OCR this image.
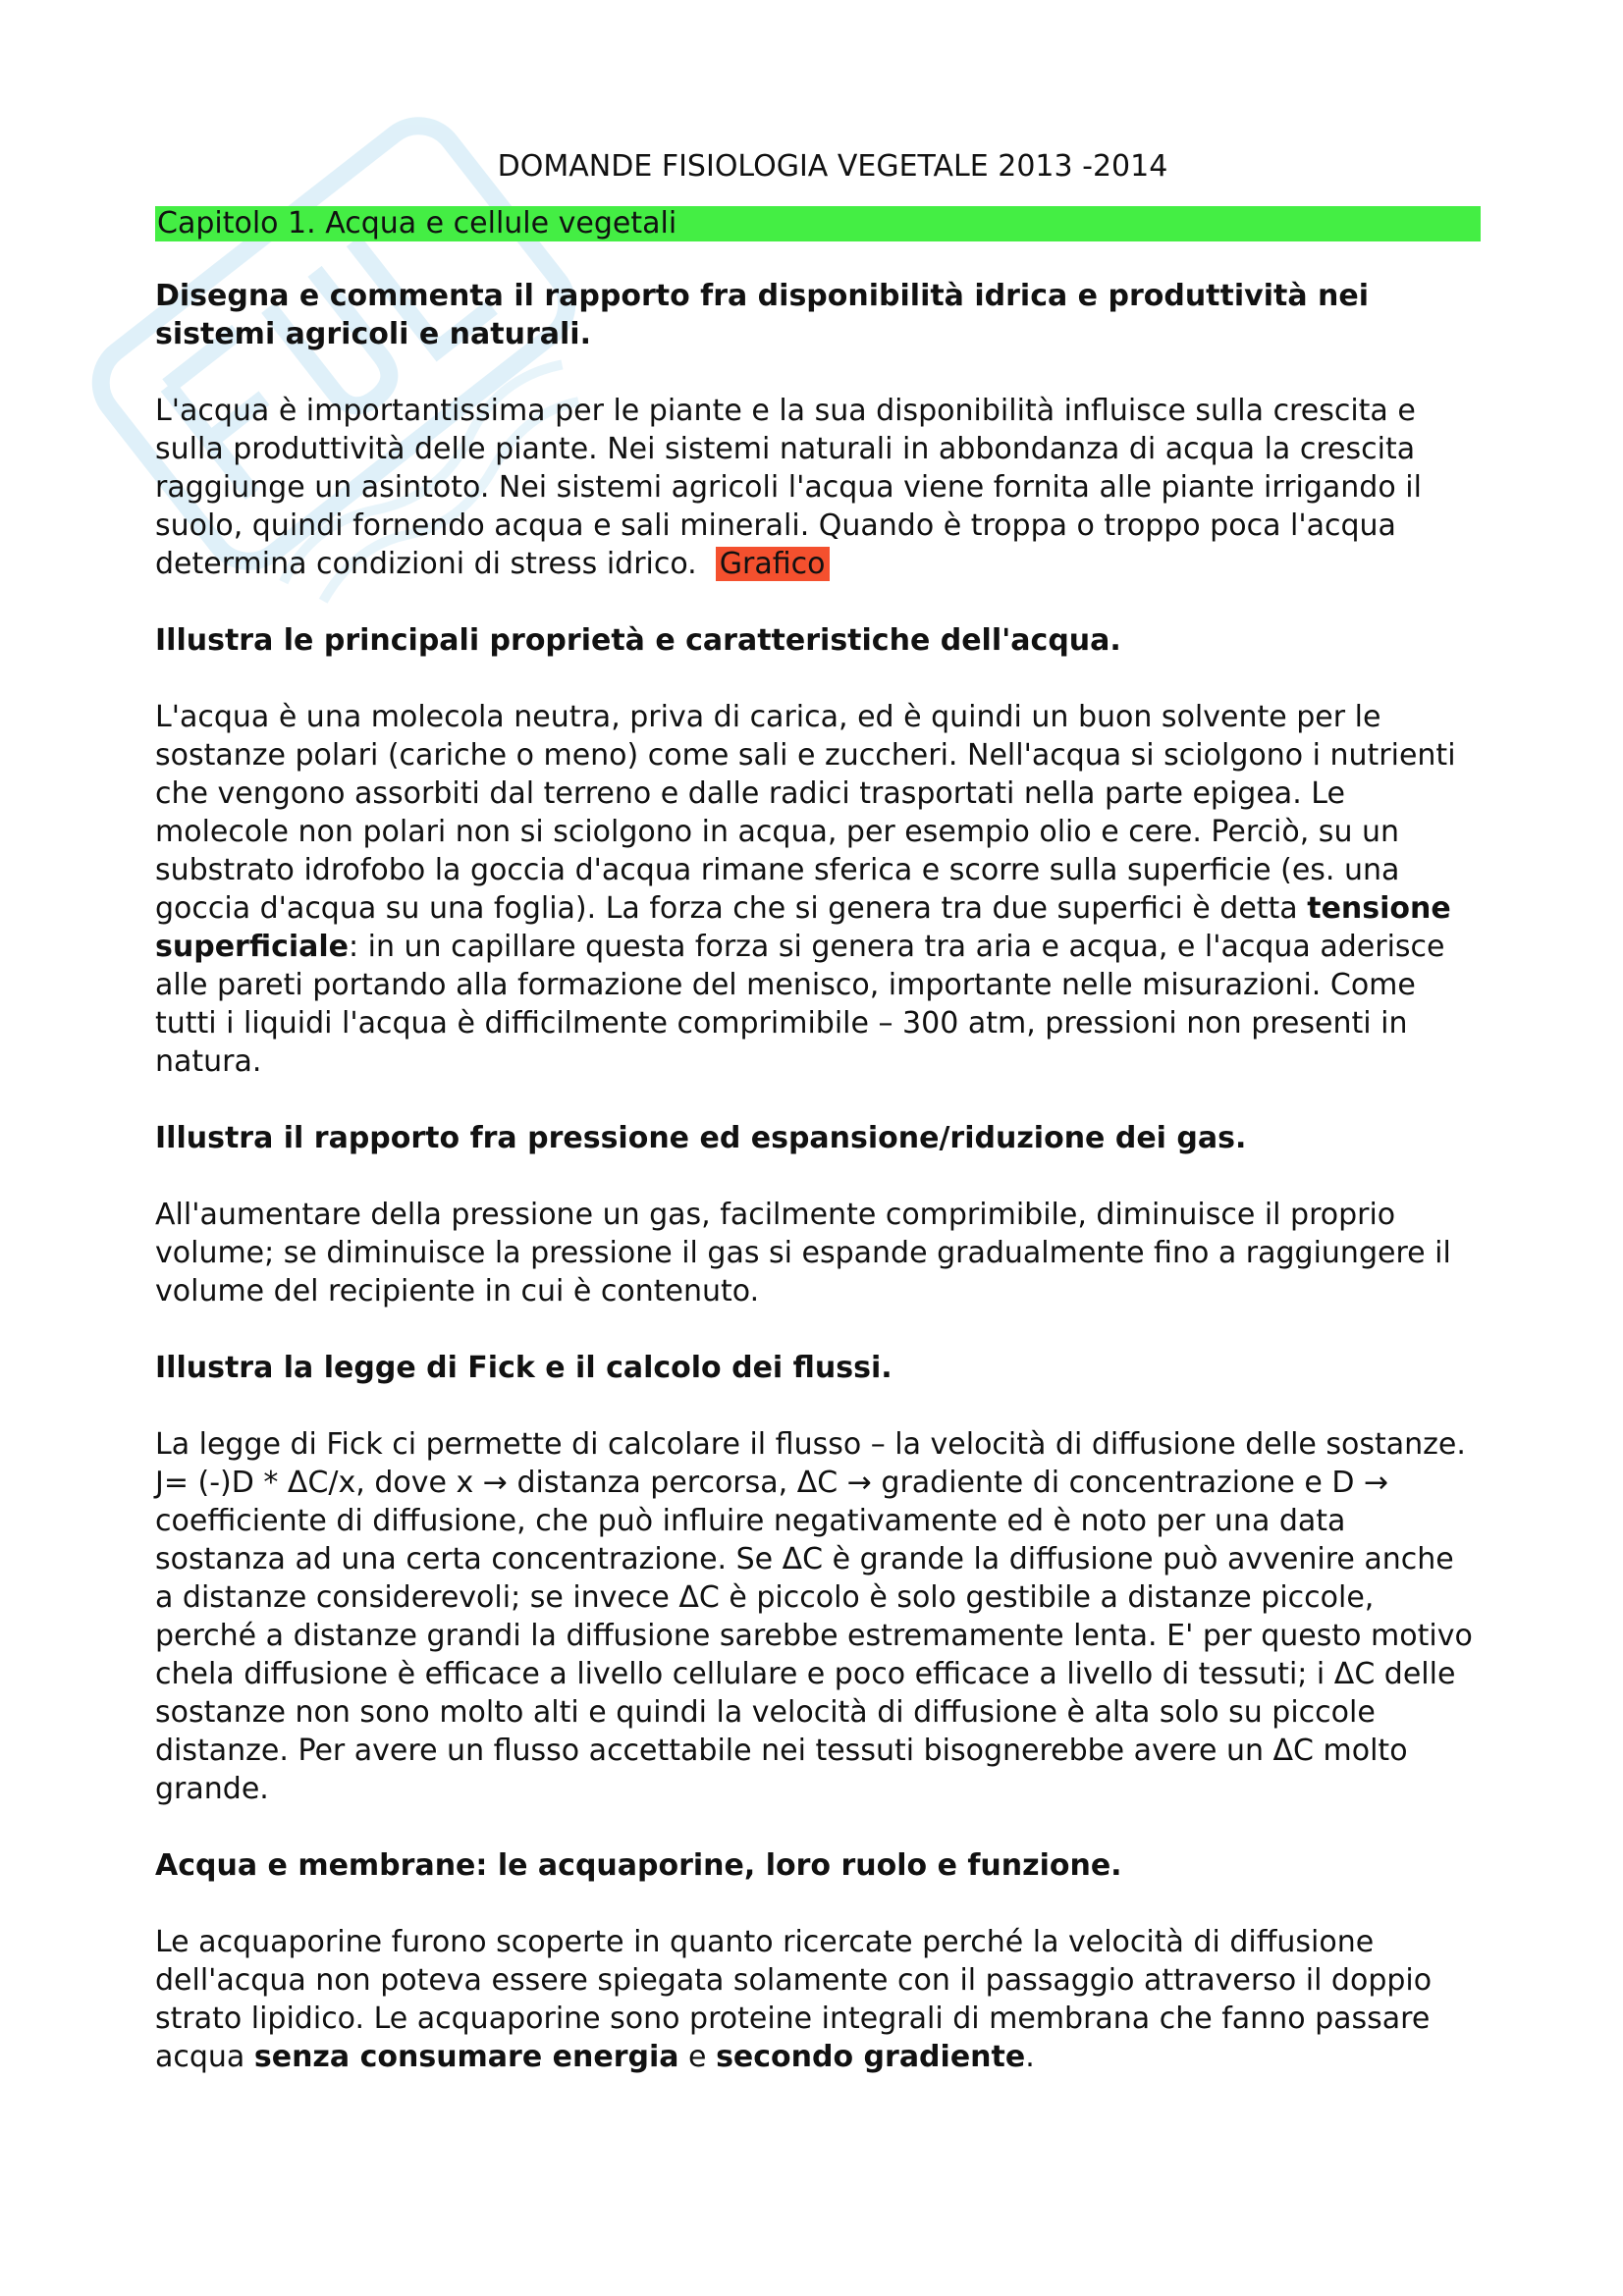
DOMANDE FISIOLOGIA VEGETALE 2013 -2014
Capitolo 1. Acqua e cellule vegetali

Disegna e commenta il rapporto fra disponibilità idrica e produttività nei sistemi agricoli e naturali.

L'acqua è importantissima per le piante e la sua disponibilità influisce sulla crescita e sulla produttività delle piante. Nei sistemi naturali in abbondanza di acqua la crescita raggiunge un asintoto. Nei sistemi agricoli l'acqua viene fornita alle piante irrigando il suolo, quindi fornendo acqua e sali minerali. Quando è troppa o troppo poca l'acqua determina condizioni di stress idrico. Grafico

Illustra le principali proprietà e caratteristiche dell'acqua.

L'acqua è una molecola neutra, priva di carica, ed è quindi un buon solvente per le sostanze polari (cariche o meno) come sali e zuccheri. Nell'acqua si sciolgono i nutrienti che vengono assorbiti dal terreno e dalle radici trasportati nella parte epigea. Le molecole non polari non si sciolgono in acqua, per esempio olio e cere. Perciò, su un substrato idrofobo la goccia d'acqua rimane sferica e scorre sulla superficie (es. una goccia d'acqua su una foglia). La forza che si genera tra due superfici è detta tensione superficiale: in un capillare questa forza si genera tra aria e acqua, e l'acqua aderisce alle pareti portando alla formazione del menisco, importante nelle misurazioni. Come tutti i liquidi l'acqua è difficilmente comprimibile – 300 atm, pressioni non presenti in natura.

Illustra il rapporto fra pressione ed espansione/riduzione dei gas.

All'aumentare della pressione un gas, facilmente comprimibile, diminuisce il proprio volume; se diminuisce la pressione il gas si espande gradualmente fino a raggiungere il volume del recipiente in cui è contenuto.

Illustra la legge di Fick e il calcolo dei flussi.

La legge di Fick ci permette di calcolare il flusso – la velocità di diffusione delle sostanze.
J= (-)D * ΔC/x, dove x → distanza percorsa, ΔC → gradiente di concentrazione e D → coefficiente di diffusione, che può influire negativamente ed è noto per una data sostanza ad una certa concentrazione. Se ΔC è grande la diffusione può avvenire anche a distanze considerevoli; se invece ΔC è piccolo è solo gestibile a distanze piccole, perché a distanze grandi la diffusione sarebbe estremamente lenta. E' per questo motivo chela diffusione è efficace a livello cellulare e poco efficace a livello di tessuti; i ΔC delle sostanze non sono molto alti e quindi la velocità di diffusione è alta solo su piccole distanze. Per avere un flusso accettabile nei tessuti bisognerebbe avere un ΔC molto grande.

Acqua e membrane: le acquaporine, loro ruolo e funzione.

Le acquaporine furono scoperte in quanto ricercate perché la velocità di diffusione dell'acqua non poteva essere spiegata solamente con il passaggio attraverso il doppio strato lipidico. Le acquaporine sono proteine integrali di membrana che fanno passare acqua senza consumare energia e secondo gradiente.
